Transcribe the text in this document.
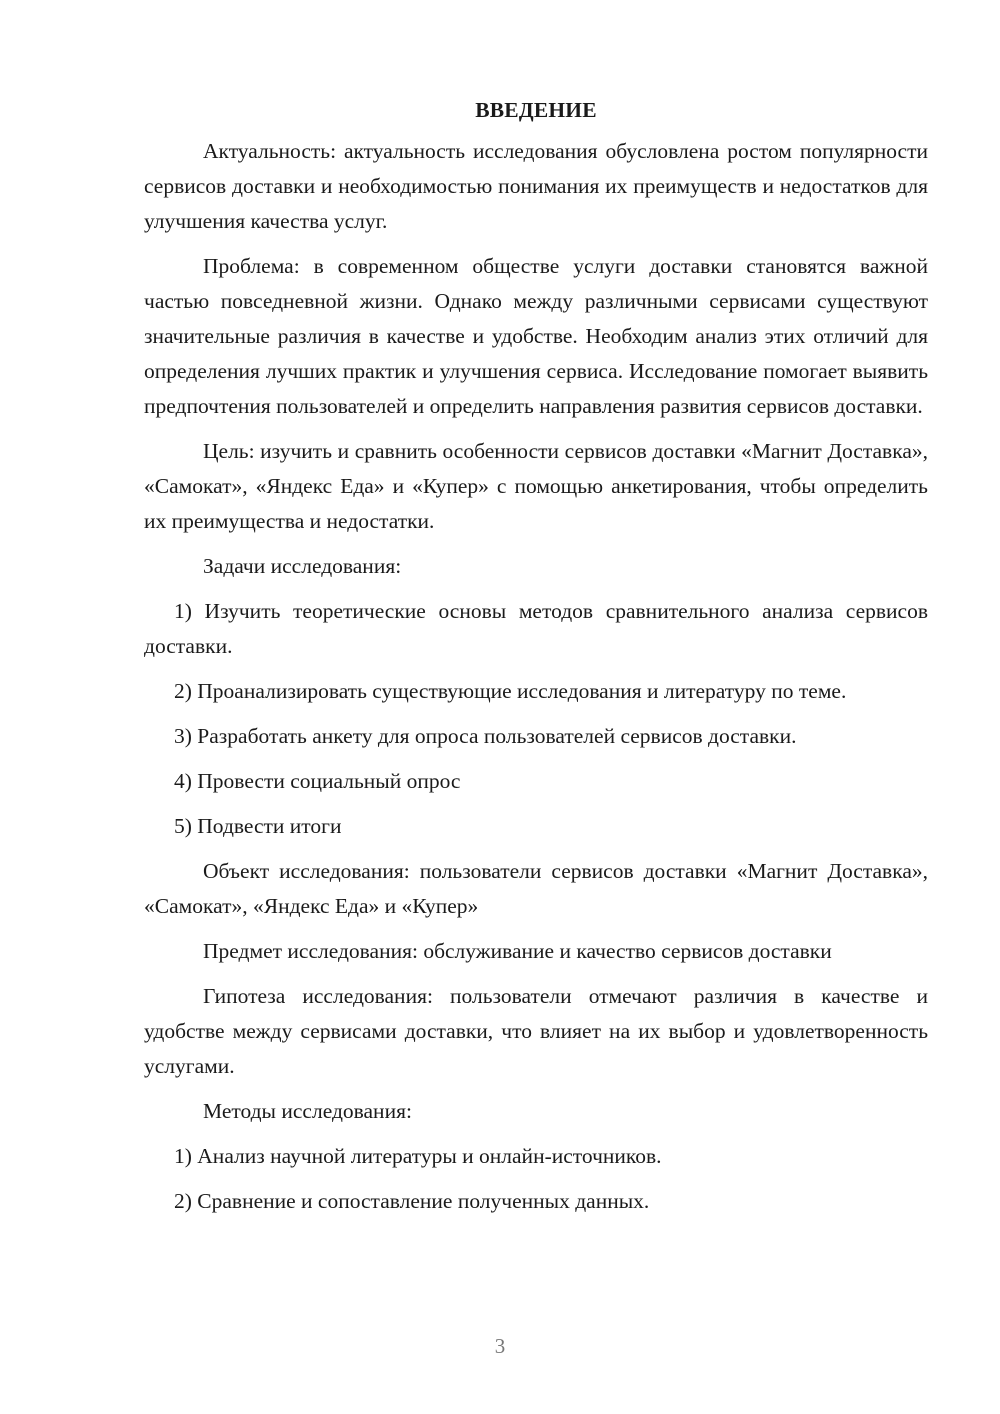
ВВЕДЕНИЕ

Актуальность: актуальность исследования обусловлена ростом популярности сервисов доставки и необходимостью понимания их преимуществ и недостатков для улучшения качества услуг.

Проблема: в современном обществе услуги доставки становятся важной частью повседневной жизни. Однако между различными сервисами существуют значительные различия в качестве и удобстве. Необходим анализ этих отличий для определения лучших практик и улучшения сервиса. Исследование помогает выявить предпочтения пользователей и определить направления развития сервисов доставки.

Цель: изучить и сравнить особенности сервисов доставки «Магнит Доставка», «Самокат», «Яндекс Еда» и «Купер» с помощью анкетирования, чтобы определить их преимущества и недостатки.

Задачи исследования:

1) Изучить теоретические основы методов сравнительного анализа сервисов доставки.

2) Проанализировать существующие исследования и литературу по теме.

3) Разработать анкету для опроса пользователей сервисов доставки.

4) Провести социальный опрос

5) Подвести итоги

Объект исследования: пользователи сервисов доставки «Магнит Доставка», «Самокат», «Яндекс Еда» и «Купер»

Предмет исследования: обслуживание и качество сервисов доставки

Гипотеза исследования: пользователи отмечают различия в качестве и удобстве между сервисами доставки, что влияет на их выбор и удовлетворенность услугами.

Методы исследования:

1) Анализ научной литературы и онлайн-источников.

2) Сравнение и сопоставление полученных данных.

3
